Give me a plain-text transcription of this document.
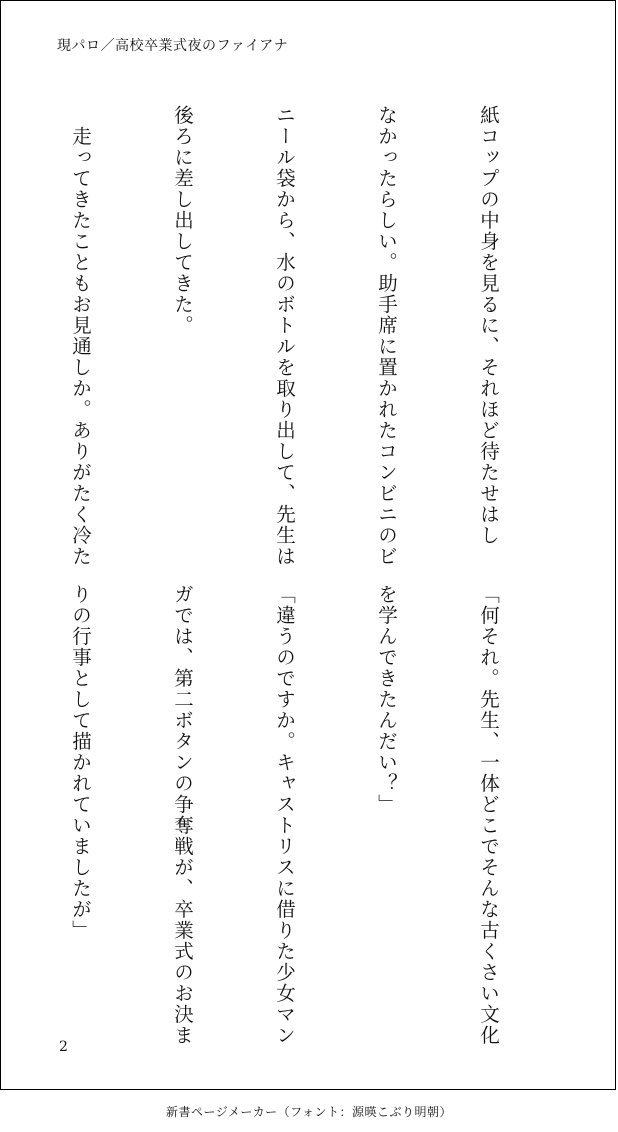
現パロ／高校卒業式夜のファイアナ

紙コップの中身を見るに、それほど待たせはし

なかったらしい。助手席に置かれたコンビニのビ

ニール袋から、水のボトルを取り出して、先生は

後ろに差し出してきた。

　走ってきたこともお見通しか。ありがたく冷た

「何それ。先生、一体どこでそんな古くさい文化

を学んできたんだい？」

「違うのですか。キャストリスに借りた少女マン

ガでは、第二ボタンの争奪戦が、卒業式のお決ま

りの行事として描かれていましたが」

2
新書ページメーカー（フォント：源暎こぶり明朝）
